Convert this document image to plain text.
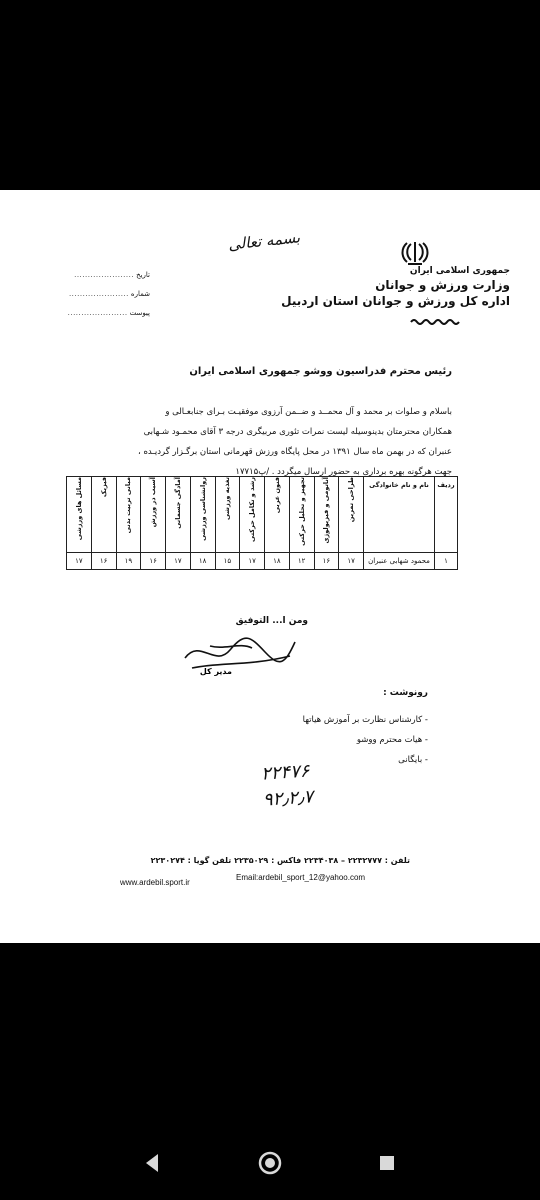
بسمه تعالی
جمهوری اسلامی ایران
وزارت ورزش و جوانان
اداره کل ورزش و جوانان استان اردبیل
...................... تاریخ
...................... شماره
...................... پیوست
رئیس محترم فدراسیون ووشو جمهوری اسلامی ایران
باسلام و صلوات بر محمد و آل محمــد و ضــمن آرزوی موفقیـت بـرای جنابعـالی و
همکاران محترمتان بدینوسیله لیست نمرات تئوری مربیگری درجه ۳ آقای محمـود شـهابی
عنبران که در بهمن ماه سال ۱۳۹۱ در محل پایگاه ورزش قهرمانی استان برگـزار گردیـده ،
جهت هرگونه بهره برداری به حضور ارسال میگردد . /پ۱۷۷۱۵
ردیف	نام و نام خانوادگی	طراحی تمرین	آناتومی و فیزیولوژی	تجهیز و تحلیل حرکتی	فنون عربی	رشد و تکامل حرکتی	تغذیه ورزشی	روانشناسی ورزشی	آمادگی جسمانی	آسیب در ورزش	مبانی تربیت بدنی	فیزیک	مسائل های ورزشی
۱	محمود شهابی عنبران	۱۷	۱۶	۱۲	۱۸	۱۷	۱۵	۱۸	۱۷	۱۶	۱۹	۱۶	۱۷
ومن ا... التوفیق
مدیر کل
رونوشت :
- کارشناس نظارت بر آموزش هیاتها
- هیات محترم ووشو
- بایگانی
۲۲۴۷۶
۹۲٫۲٫۷
تلفن : ۲۲۳۲۷۷۷ – ۲۲۳۴۰۳۸ فاکس : ۲۲۳۵۰۲۹ تلفن گویا : ۲۲۳۰۲۷۴
www.ardebil.sport.ir
Email:ardebil_sport_12@yahoo.com
